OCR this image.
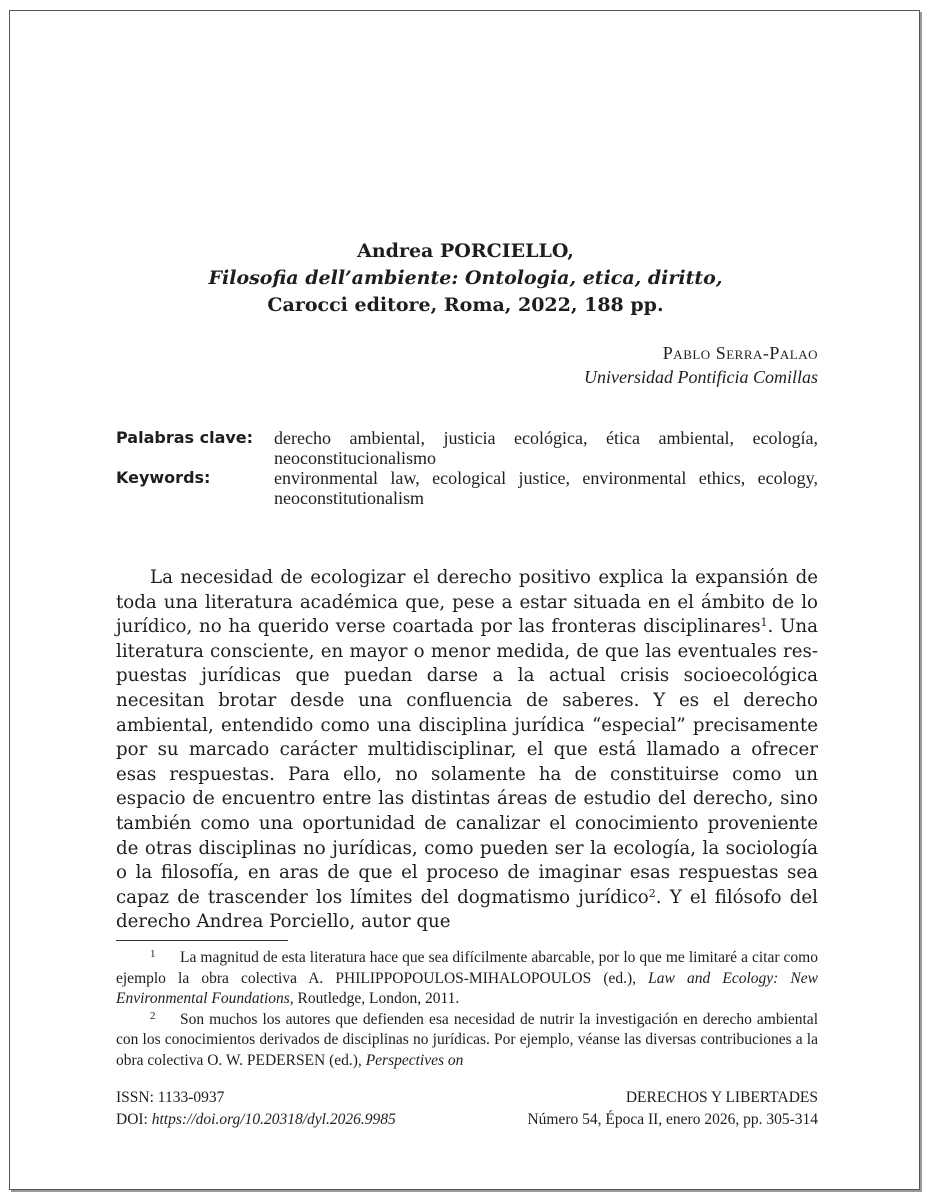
Andrea PORCIELLO,
Filosofia dell’ambiente: Ontologia, etica, diritto,
Carocci editore, Roma, 2022, 188 pp.
Pablo Serra-Palao
Universidad Pontificia Comillas
Palabras clave: derecho ambiental, justicia ecológica, ética ambiental, ecología, neoconstitucionalismo
Keywords:	environmental law, ecological justice, environmental ethics, ecology, neoconstitutionalism

La necesidad de ecologizar el derecho positivo explica la expansión de toda una literatura académica que, pese a estar situada en el ámbito de lo jurídico, no ha querido verse coartada por las fronteras disciplinares$^1$. Una literatura consciente, en mayor o menor medida, de que las eventuales respuestas jurídicas que puedan darse a la actual crisis socioecológica necesitan brotar desde una confluencia de saberes. Y es el derecho ambiental, entendido como una disciplina jurídica “especial” precisamente por su marcado carácter multidisciplinar, el que está llamado a ofrecer esas respuestas. Para ello, no solamente ha de constituirse como un espacio de encuentro entre las distintas áreas de estudio del derecho, sino también como una oportunidad de canalizar el conocimiento proveniente de otras disciplinas no jurídicas, como pueden ser la ecología, la sociología o la filosofía, en aras de que el proceso de imaginar esas respuestas sea capaz de trascender los límites del dogmatismo jurídico$^2$. Y el filósofo del derecho Andrea Porciello, autor que

1 La magnitud de esta literatura hace que sea difícilmente abarcable, por lo que me limitaré a citar como ejemplo la obra colectiva A. PHILIPPOPOULOS-MIHALOPOULOS (ed.), Law and Ecology: New Environmental Foundations, Routledge, London, 2011.

2 Son muchos los autores que defienden esa necesidad de nutrir la investigación en derecho ambiental con los conocimientos derivados de disciplinas no jurídicas. Por ejemplo, véanse las diversas contribuciones a la obra colectiva O. W. PEDERSEN (ed.), Perspectives on

ISSN: 1133-0937
DOI: https://doi.org/10.20318/dyl.2026.9985
DERECHOS Y LIBERTADES
Número 54, Época II, enero 2026, pp. 305-314
